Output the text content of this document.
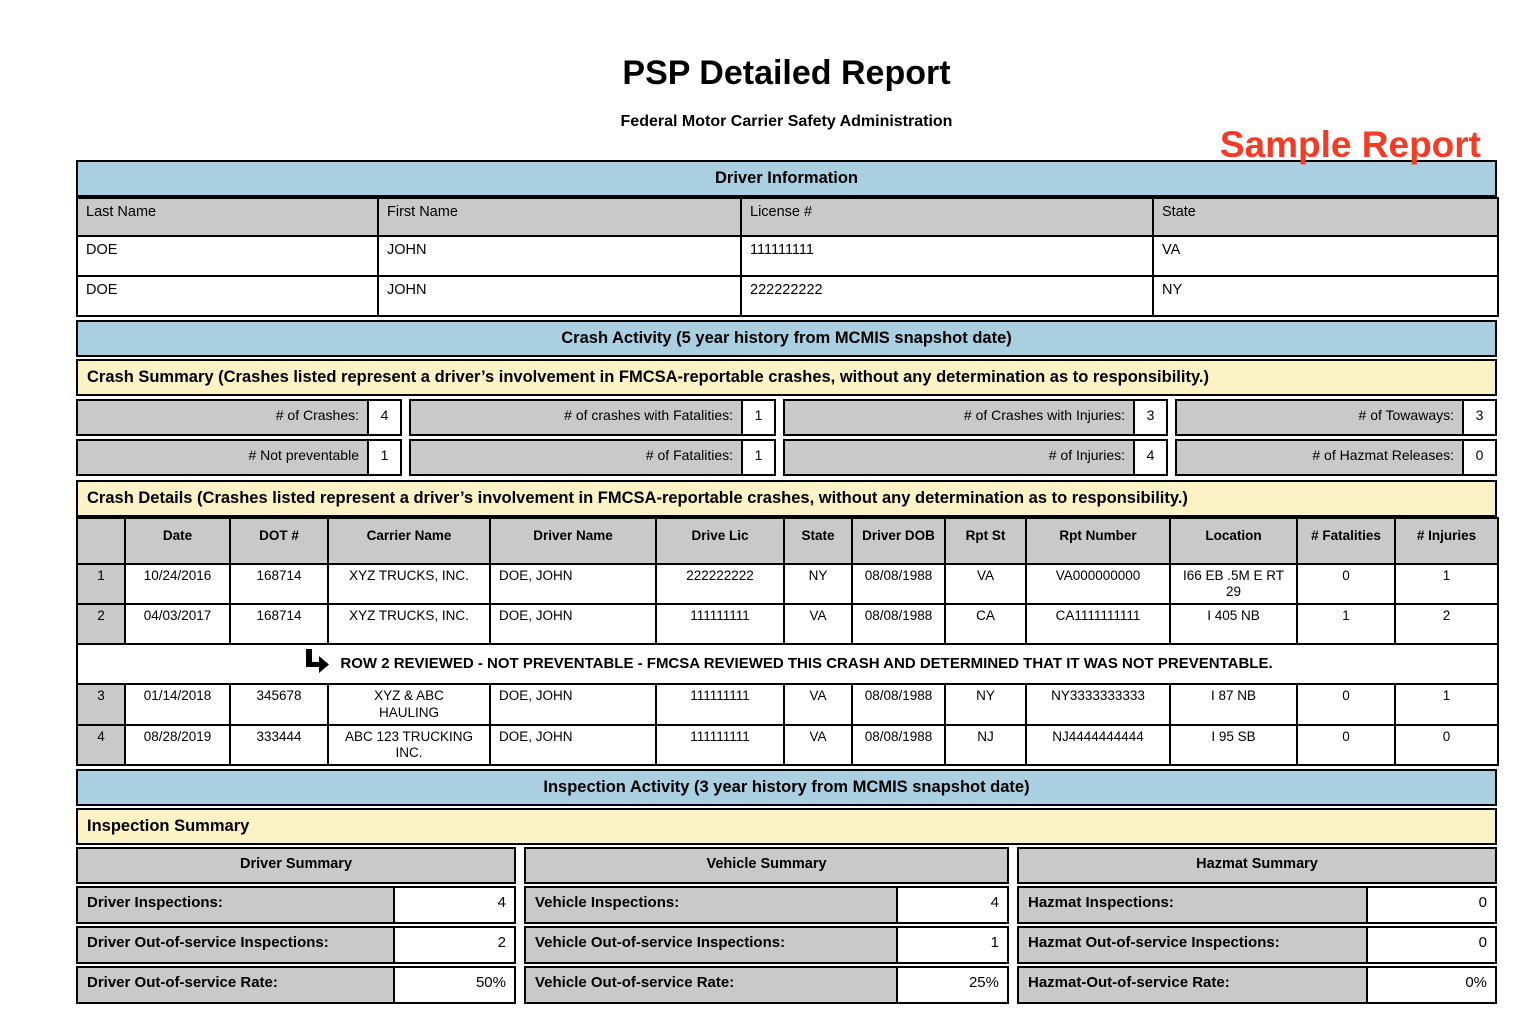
PSP Detailed Report
Federal Motor Carrier Safety Administration
Sample Report
Driver Information
Last Name	First Name	License #	State
DOE	JOHN	111111111	VA
DOE	JOHN	222222222	NY
Crash Activity (5 year history from MCMIS snapshot date)
Crash Summary (Crashes listed represent a driver’s involvement in FMCSA-reportable crashes, without any determination as to responsibility.)
# of Crashes:	4	# of crashes with Fatalities:	1	# of Crashes with Injuries:	3	# of Towaways:	3
# Not preventable	1	# of Fatalities:	1	# of Injuries:	4	# of Hazmat Releases:	0
Crash Details (Crashes listed represent a driver’s involvement in FMCSA-reportable crashes, without any determination as to responsibility.)
	Date	DOT #	Carrier Name	Driver Name	Drive Lic	State	Driver DOB	Rpt St	Rpt Number	Location	# Fatalities	# Injuries
1	10/24/2016	168714	XYZ TRUCKS, INC.	DOE, JOHN	222222222	NY	08/08/1988	VA	VA000000000	I66 EB .5M E RT 29	0	1
2	04/03/2017	168714	XYZ TRUCKS, INC.	DOE, JOHN	111111111	VA	08/08/1988	CA	CA1111111111	I 405 NB	1	2

ROW 2 REVIEWED - NOT PREVENTABLE - FMCSA REVIEWED THIS CRASH AND DETERMINED THAT IT WAS NOT PREVENTABLE.												

3	01/14/2018	345678	XYZ & ABC HAULING	DOE, JOHN	111111111	VA	08/08/1988	NY	NY3333333333	I 87 NB	0	1
4	08/28/2019	333444	ABC 123 TRUCKING INC.	DOE, JOHN	111111111	VA	08/08/1988	NJ	NJ4444444444	I 95 SB	0	0
Inspection Activity (3 year history from MCMIS snapshot date)
Inspection Summary
Driver Summary
Driver Inspections:	4
Driver Out-of-service Inspections:	2
Driver Out-of-service Rate:	50%
Vehicle Summary
Vehicle Inspections:	4
Vehicle Out-of-service Inspections:	1
Vehicle Out-of-service Rate:	25%
Hazmat Summary
Hazmat Inspections:	0
Hazmat Out-of-service Inspections:	0
Hazmat-Out-of-service Rate:	0%
